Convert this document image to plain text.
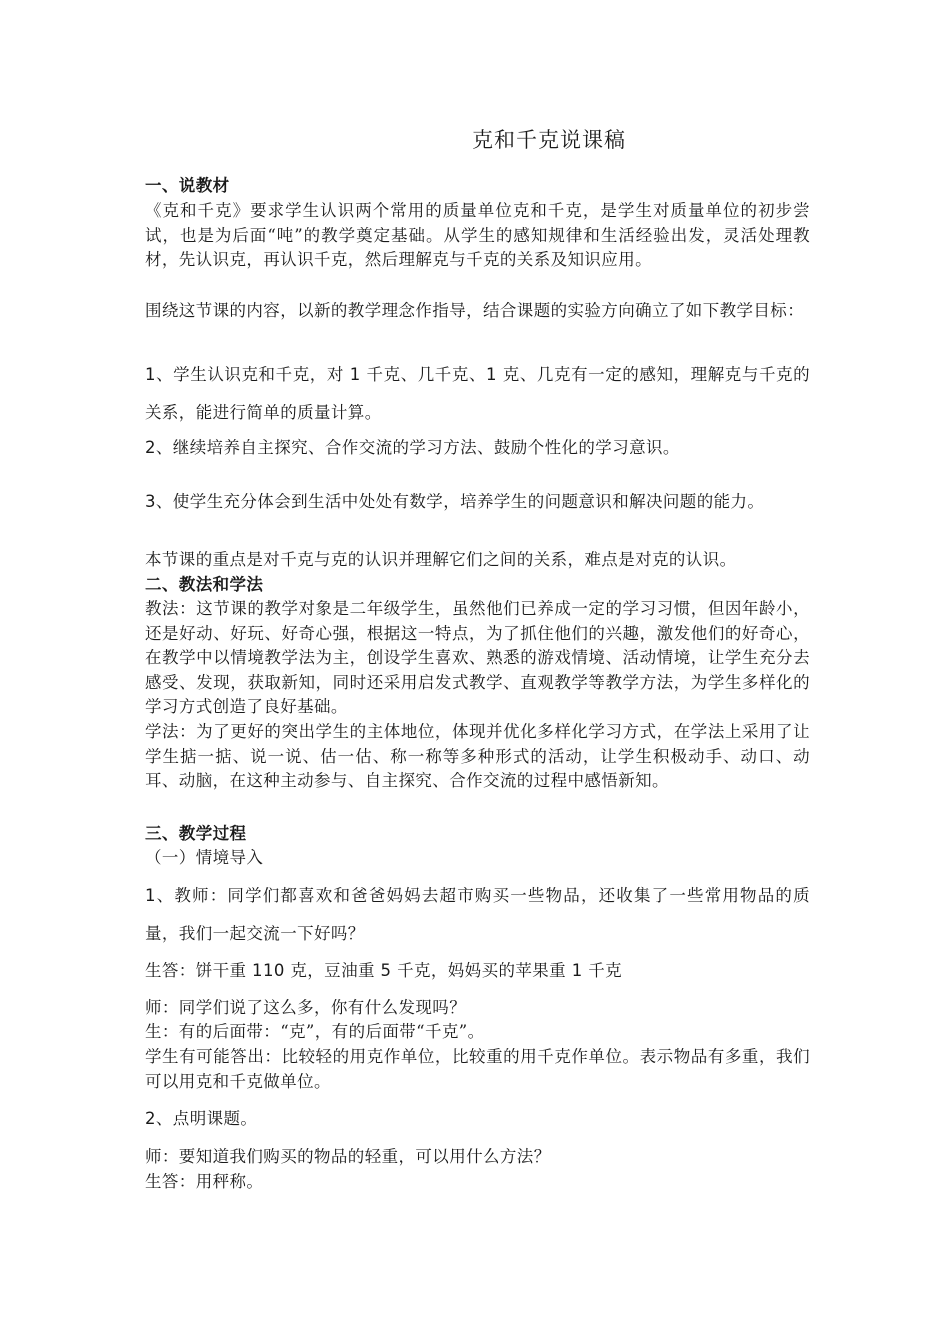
克和千克说课稿
一、说教材
《克和千克》要求学生认识两个常用的质量单位克和千克，是学生对质量单位的初步尝试，也是为后面“吨”的教学奠定基础。从学生的感知规律和生活经验出发，灵活处理教材，先认识克，再认识千克，然后理解克与千克的关系及知识应用。
围绕这节课的内容，以新的教学理念作指导，结合课题的实验方向确立了如下教学目标：
1、学生认识克和千克，对 1 千克、几千克、1 克、几克有一定的感知，理解克与千克的关系，能进行简单的质量计算。
2、继续培养自主探究、合作交流的学习方法、鼓励个性化的学习意识。
3、使学生充分体会到生活中处处有数学，培养学生的问题意识和解决问题的能力。
本节课的重点是对千克与克的认识并理解它们之间的关系，难点是对克的认识。
二、教法和学法
教法：这节课的教学对象是二年级学生，虽然他们已养成一定的学习习惯，但因年龄小，还是好动、好玩、好奇心强，根据这一特点，为了抓住他们的兴趣，激发他们的好奇心，在教学中以情境教学法为主，创设学生喜欢、熟悉的游戏情境、活动情境，让学生充分去感受、发现，获取新知，同时还采用启发式教学、直观教学等教学方法，为学生多样化的学习方式创造了良好基础。
学法：为了更好的突出学生的主体地位，体现并优化多样化学习方式，在学法上采用了让学生掂一掂、说一说、估一估、称一称等多种形式的活动，让学生积极动手、动口、动耳、动脑，在这种主动参与、自主探究、合作交流的过程中感悟新知。
三、教学过程
（一）情境导入
1、教师：同学们都喜欢和爸爸妈妈去超市购买一些物品，还收集了一些常用物品的质量，我们一起交流一下好吗？
生答：饼干重 110 克，豆油重 5 千克，妈妈买的苹果重 1 千克
师：同学们说了这么多，你有什么发现吗？
生：有的后面带：“克”，有的后面带“千克”。
学生有可能答出：比较轻的用克作单位，比较重的用千克作单位。表示物品有多重，我们可以用克和千克做单位。
2、点明课题。
师：要知道我们购买的物品的轻重，可以用什么方法？
生答：用秤称。
